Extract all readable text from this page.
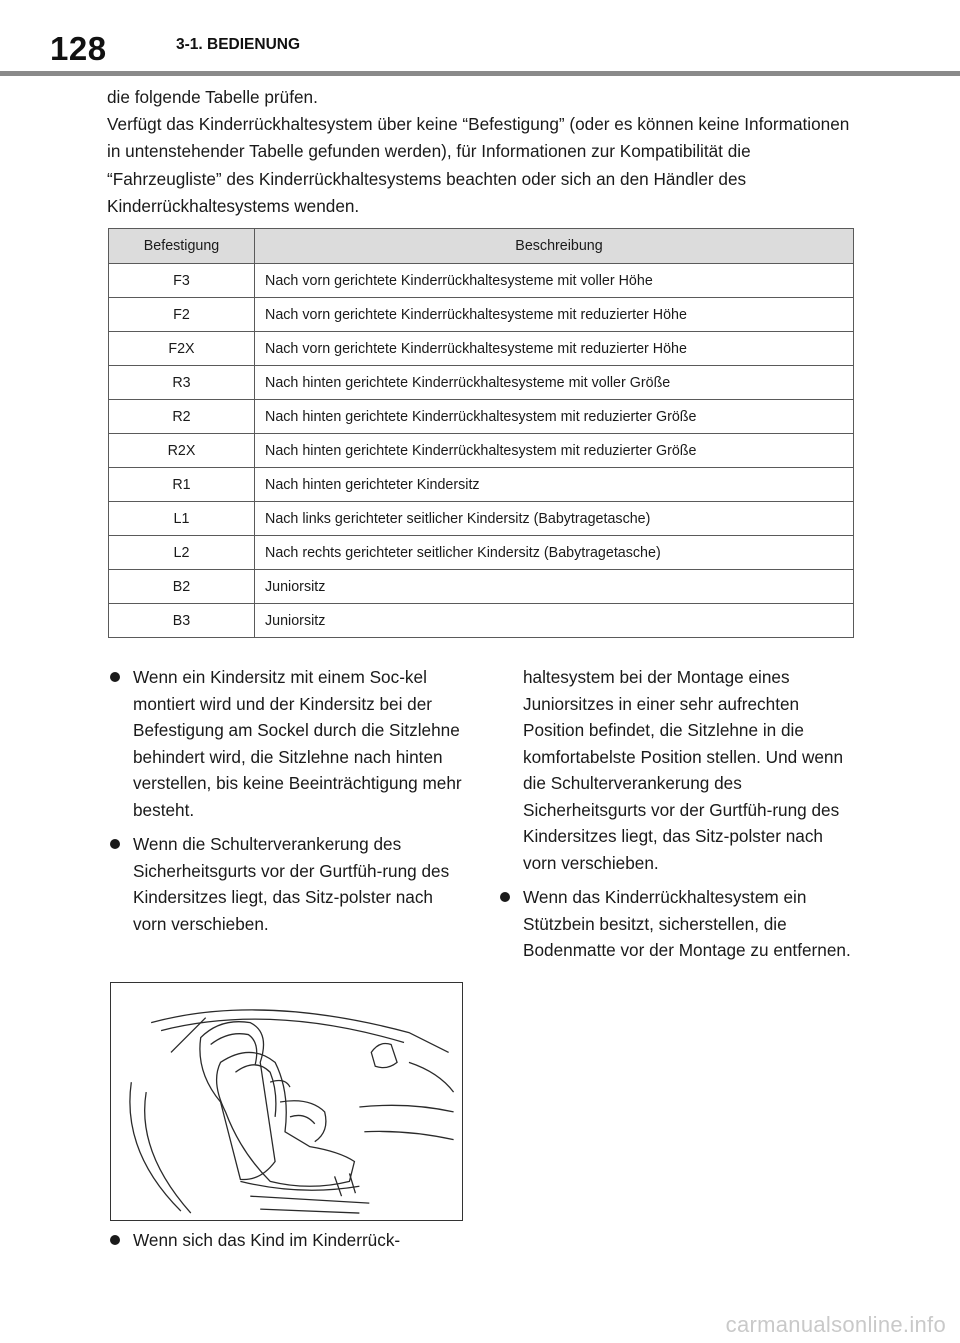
128	3-1. BEDIENUNG

die folgende Tabelle prüfen.

Verfügt das Kinderrückhaltesystem über keine “Befestigung” (oder es können keine Informationen in untenstehender Tabelle gefunden werden), für Informationen zur Kompatibilität die “Fahrzeugliste” des Kinderrückhaltesystems beachten oder sich an den Händler des Kinderrückhaltesystems wenden.

Befestigung	Beschreibung
F3	Nach vorn gerichtete Kinderrückhaltesysteme mit voller Höhe
F2	Nach vorn gerichtete Kinderrückhaltesysteme mit reduzierter Höhe
F2X	Nach vorn gerichtete Kinderrückhaltesysteme mit reduzierter Höhe
R3	Nach hinten gerichtete Kinderrückhaltesysteme mit voller Größe
R2	Nach hinten gerichtete Kinderrückhaltesystem mit reduzierter Größe
R2X	Nach hinten gerichtete Kinderrückhaltesystem mit reduzierter Größe
R1	Nach hinten gerichteter Kindersitz
L1	Nach links gerichteter seitlicher Kindersitz (Babytragetasche)
L2	Nach rechts gerichteter seitlicher Kindersitz (Babytragetasche)
B2	Juniorsitz
B3	Juniorsitz
Wenn ein Kindersitz mit einem Soc-kel montiert wird und der Kindersitz bei der Befestigung am Sockel durch die Sitzlehne behindert wird, die Sitzlehne nach hinten verstellen, bis keine Beeinträchtigung mehr besteht.
Wenn die Schulterverankerung des Sicherheitsgurts vor der Gurtfüh-rung des Kindersitzes liegt, das Sitz-polster nach vorn verschieben.
Wenn sich das Kind im Kinderrück-
haltesystem bei der Montage eines Juniorsitzes in einer sehr aufrechten Position befindet, die Sitzlehne in die komfortabelste Position stellen. Und wenn die Schulterverankerung des Sicherheitsgurts vor der Gurtfüh-rung des Kindersitzes liegt, das Sitz-polster nach vorn verschieben.
Wenn das Kinderrückhaltesystem ein Stützbein besitzt, sicherstellen, die Bodenmatte vor der Montage zu entfernen.
carmanualsonline.info
